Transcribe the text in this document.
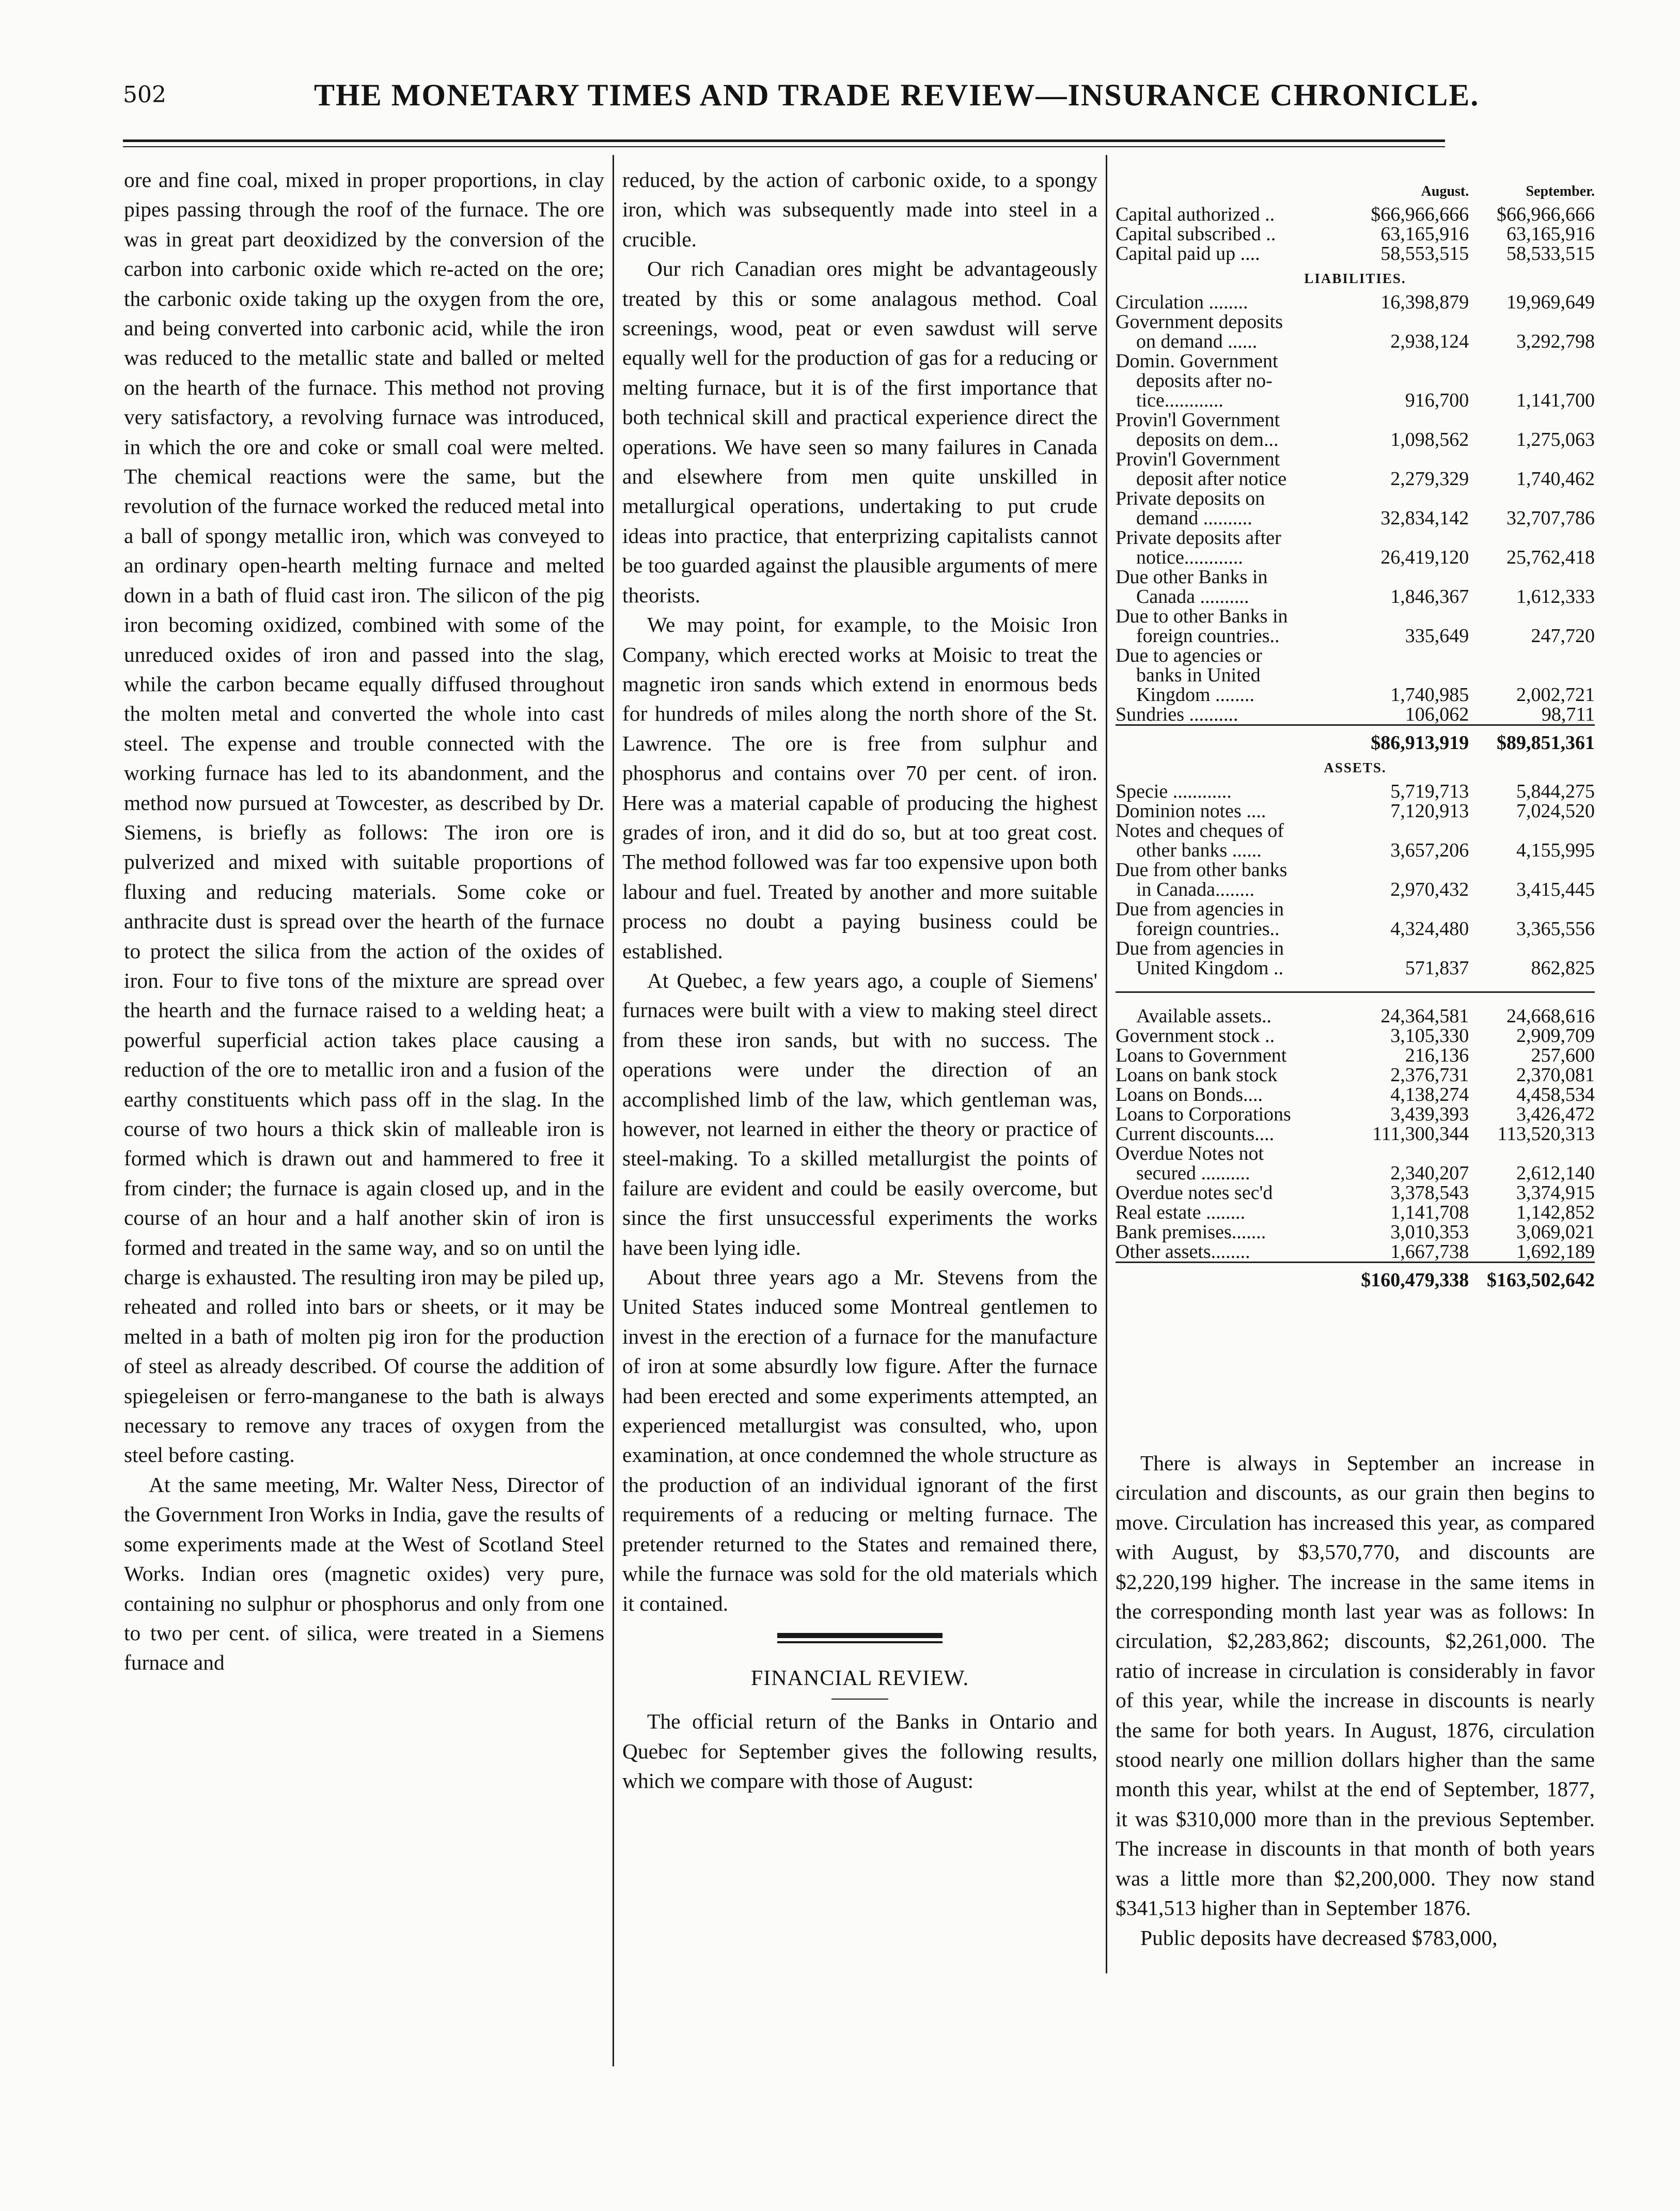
502	THE MONETARY TIMES AND TRADE REVIEW—INSURANCE CHRONICLE.

ore and fine coal, mixed in proper proportions, in clay pipes passing through the roof of the furnace. The ore was in great part deoxidized by the conversion of the carbon into carbonic oxide which re-acted on the ore; the carbonic oxide taking up the oxygen from the ore, and being converted into carbonic acid, while the iron was reduced to the metallic state and balled or melted on the hearth of the furnace. This method not proving very satisfactory, a revolving furnace was introduced, in which the ore and coke or small coal were melted. The chemical reactions were the same, but the revolution of the furnace worked the reduced metal into a ball of spongy metallic iron, which was conveyed to an ordinary open-hearth melting furnace and melted down in a bath of fluid cast iron. The silicon of the pig iron becoming oxidized, combined with some of the unreduced oxides of iron and passed into the slag, while the carbon became equally diffused throughout the molten metal and converted the whole into cast steel. The expense and trouble connected with the working furnace has led to its abandonment, and the method now pursued at Towcester, as described by Dr. Siemens, is briefly as follows: The iron ore is pulverized and mixed with suitable proportions of fluxing and reducing materials. Some coke or anthracite dust is spread over the hearth of the furnace to protect the silica from the action of the oxides of iron. Four to five tons of the mixture are spread over the hearth and the furnace raised to a welding heat; a powerful superficial action takes place causing a reduction of the ore to metallic iron and a fusion of the earthy constituents which pass off in the slag. In the course of two hours a thick skin of malleable iron is formed which is drawn out and hammered to free it from cinder; the furnace is again closed up, and in the course of an hour and a half another skin of iron is formed and treated in the same way, and so on until the charge is exhausted. The resulting iron may be piled up, reheated and rolled into bars or sheets, or it may be melted in a bath of molten pig iron for the production of steel as already described. Of course the addition of spiegeleisen or ferro-manganese to the bath is always necessary to remove any traces of oxygen from the steel before casting.

At the same meeting, Mr. Walter Ness, Director of the Government Iron Works in India, gave the results of some experiments made at the West of Scotland Steel Works. Indian ores (magnetic oxides) very pure, containing no sulphur or phosphorus and only from one to two per cent. of silica, were treated in a Siemens furnace and

reduced, by the action of carbonic oxide, to a spongy iron, which was subsequently made into steel in a crucible.

Our rich Canadian ores might be advantageously treated by this or some analagous method. Coal screenings, wood, peat or even sawdust will serve equally well for the production of gas for a reducing or melting furnace, but it is of the first importance that both technical skill and practical experience direct the operations. We have seen so many failures in Canada and elsewhere from men quite unskilled in metallurgical operations, undertaking to put crude ideas into practice, that enterprizing capitalists cannot be too guarded against the plausible arguments of mere theorists.

We may point, for example, to the Moisic Iron Company, which erected works at Moisic to treat the magnetic iron sands which extend in enormous beds for hundreds of miles along the north shore of the St. Lawrence. The ore is free from sulphur and phosphorus and contains over 70 per cent. of iron. Here was a material capable of producing the highest grades of iron, and it did do so, but at too great cost. The method followed was far too expensive upon both labour and fuel. Treated by another and more suitable process no doubt a paying business could be established.

At Quebec, a few years ago, a couple of Siemens' furnaces were built with a view to making steel direct from these iron sands, but with no success. The operations were under the direction of an accomplished limb of the law, which gentleman was, however, not learned in either the theory or practice of steel-making. To a skilled metallurgist the points of failure are evident and could be easily overcome, but since the first unsuccessful experiments the works have been lying idle.

About three years ago a Mr. Stevens from the United States induced some Montreal gentlemen to invest in the erection of a furnace for the manufacture of iron at some absurdly low figure. After the furnace had been erected and some experiments attempted, an experienced metallurgist was consulted, who, upon examination, at once condemned the whole structure as the production of an individual ignorant of the first requirements of a reducing or melting furnace. The pretender returned to the States and remained there, while the furnace was sold for the old materials which it contained.

FINANCIAL REVIEW.

The official return of the Banks in Ontario and Quebec for September gives the following results, which we compare with those of August:

	August.	September.
Capital authorized ..	$66,966,666	$66,966,666
Capital subscribed ..	63,165,916	63,165,916
Capital paid up ....	58,553,515	58,533,515
LIABILITIES.		
Circulation ........	16,398,879	19,969,649
Government deposits		
on demand ......	2,938,124	3,292,798
Domin. Government		
deposits after no-		
tice............	916,700	1,141,700
Provin'l Government		
deposits on dem...	1,098,562	1,275,063
Provin'l Government		
deposit after notice	2,279,329	1,740,462
Private deposits on		
demand ..........	32,834,142	32,707,786
Private deposits after		
notice............	26,419,120	25,762,418
Due other Banks in		
Canada ..........	1,846,367	1,612,333
Due to other Banks in		
foreign countries..	335,649	247,720
Due to agencies or		
banks in United		
Kingdom ........	1,740,985	2,002,721
Sundries ..........	106,062	98,711
	$86,913,919	$89,851,361
ASSETS.		
Specie ............	5,719,713	5,844,275
Dominion notes ....	7,120,913	7,024,520
Notes and cheques of		
other banks ......	3,657,206	4,155,995
Due from other banks		
in Canada........	2,970,432	3,415,445
Due from agencies in		
foreign countries..	4,324,480	3,365,556
Due from agencies in		
United Kingdom ..	571,837	862,825

Available assets..	24,364,581	24,668,616
Government stock ..	3,105,330	2,909,709
Loans to Government	216,136	257,600
Loans on bank stock	2,376,731	2,370,081
Loans on Bonds....	4,138,274	4,458,534
Loans to Corporations	3,439,393	3,426,472
Current discounts....	111,300,344	113,520,313
Overdue Notes not		
secured ..........	2,340,207	2,612,140
Overdue notes sec'd	3,378,543	3,374,915
Real estate ........	1,141,708	1,142,852
Bank premises.......	3,010,353	3,069,021
Other assets........	1,667,738	1,692,189
	$160,479,338	$163,502,642

There is always in September an increase in circulation and discounts, as our grain then begins to move. Circulation has increased this year, as compared with August, by $3,570,770, and discounts are $2,220,199 higher. The increase in the same items in the corresponding month last year was as follows: In circulation, $2,283,862; discounts, $2,261,000. The ratio of increase in circulation is considerably in favor of this year, while the increase in discounts is nearly the same for both years. In August, 1876, circulation stood nearly one million dollars higher than the same month this year, whilst at the end of September, 1877, it was $310,000 more than in the previous September. The increase in discounts in that month of both years was a little more than $2,200,000. They now stand $341,513 higher than in September 1876.

Public deposits have decreased $783,000,
